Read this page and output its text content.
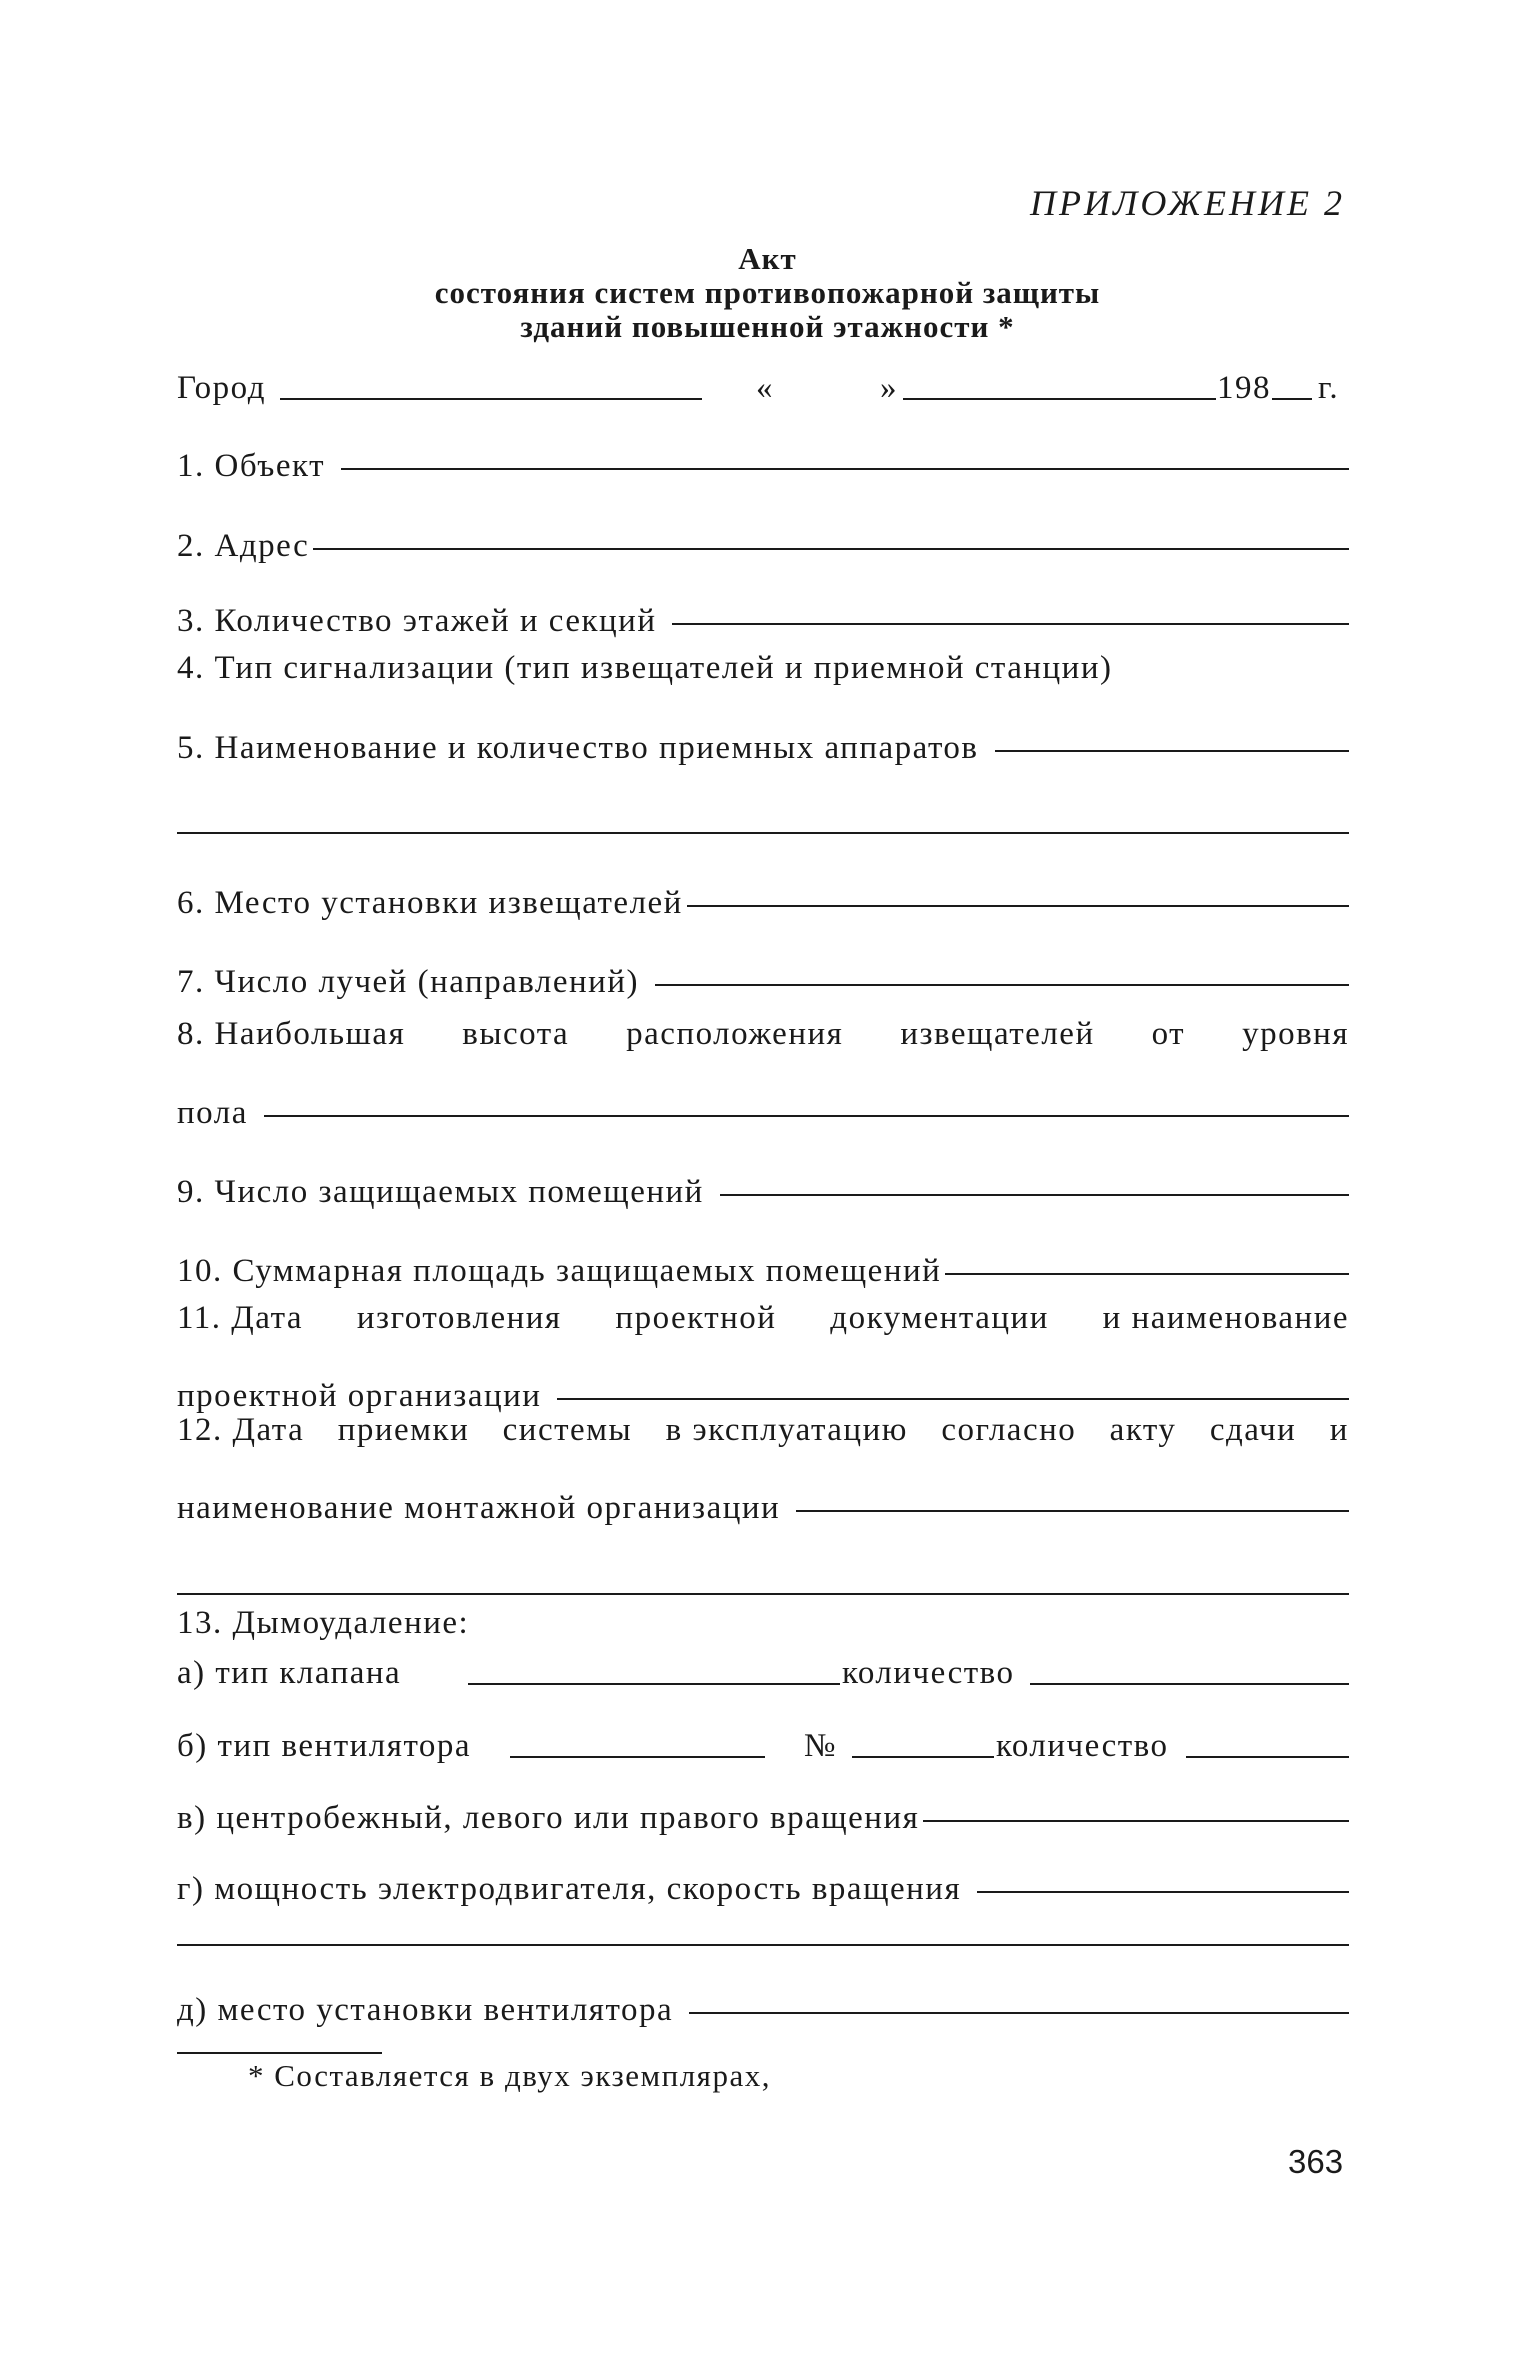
ПРИЛОЖЕНИЕ 2
Акт
состояния систем противопожарной защиты
зданий повышенной этажности *
Город	«	»	198 г.
1. Объект
2. Адрес
3. Количество этажей и секций
4. Тип сигнализации (тип извещателей и приемной станции)
5. Наименование и количество приемных аппаратов
6. Место установки извещателей
7. Число лучей (направлений)
8. Наибольшая высота расположения извещателей от уровня
пола
9. Число защищаемых помещений
10. Суммарная площадь защищаемых помещений
11. Дата изготовления проектной документации и наименование
проектной организации
12. Дата приемки системы в эксплуатацию согласно акту сдачи и
наименование монтажной организации
13. Дымоудаление:
а) тип клапана	количество
б) тип вентилятора	№	количество
в) центробежный, левого или правого вращения
г) мощность электродвигателя, скорость вращения
д) место установки вентилятора
* Составляется в двух экземплярах,
363
